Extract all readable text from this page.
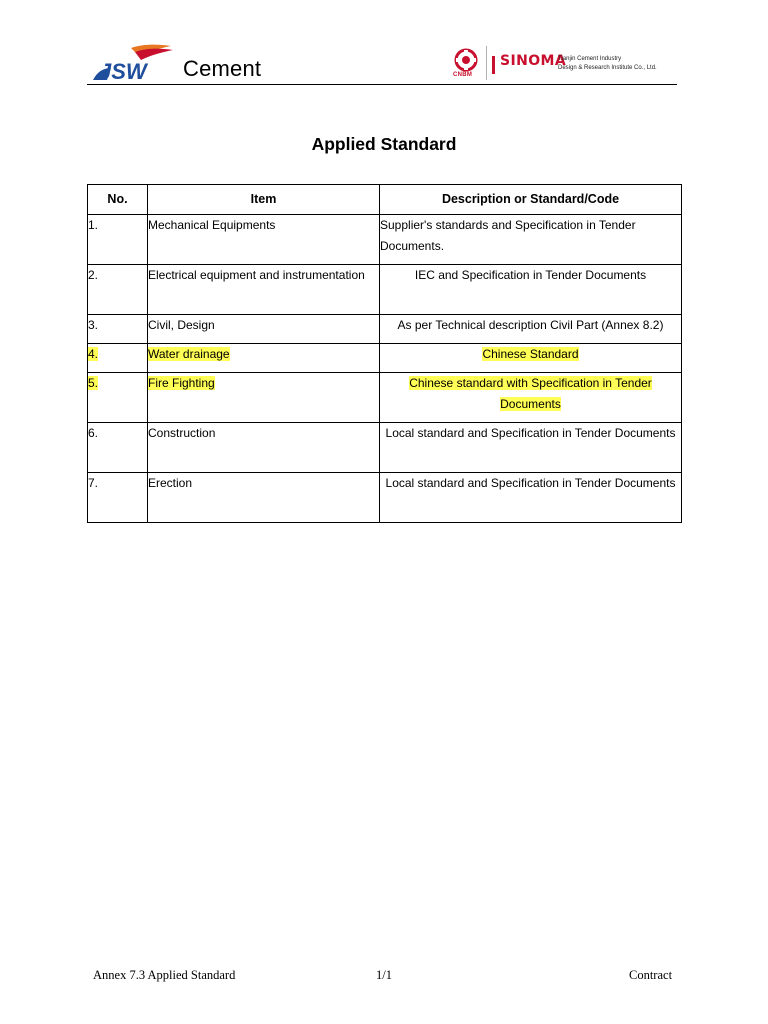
JSW Cement	CNBM
SINOMA
Tianjin Cement Industry
Design & Research Institute Co., Ltd.
Applied Standard
No.	Item	Description or Standard/Code
1.	Mechanical Equipments	Supplier's standards and Specification in Tender Documents.
2.	Electrical equipment and instrumentation	IEC and Specification in Tender Documents
3.	Civil, Design	As per Technical description Civil Part (Annex 8.2)
4.	Water drainage	Chinese Standard
5.	Fire Fighting	Chinese standard with Specification in Tender Documents
6.	Construction	Local standard and Specification in Tender Documents
7.	Erection	Local standard and Specification in Tender Documents
Annex 7.3 Applied Standard	1/1	Contract
